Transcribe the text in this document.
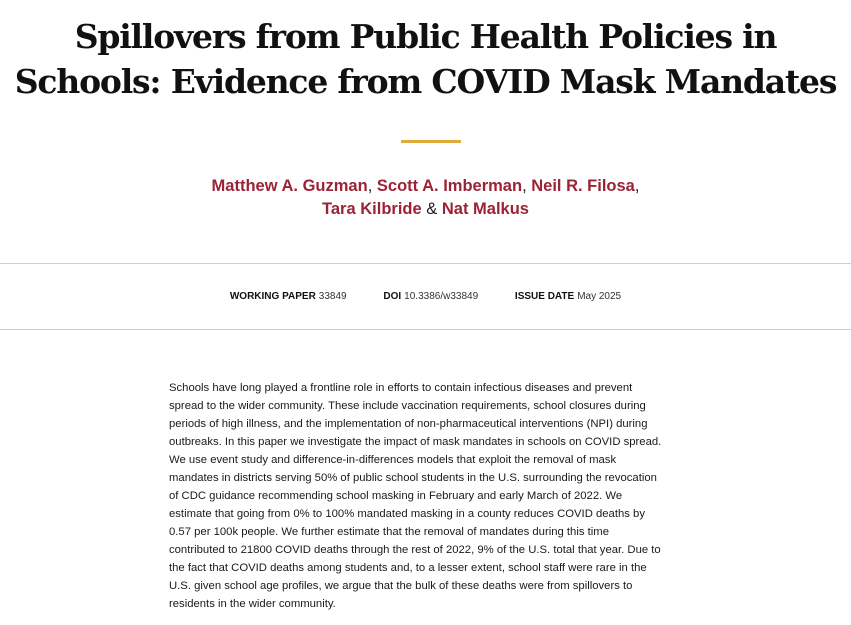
Spillovers from Public Health Policies in
Schools: Evidence from COVID Mask Mandates
Matthew A. Guzman, Scott A. Imberman, Neil R. Filosa,
Tara Kilbride & Nat Malkus
WORKING PAPER 33849	DOI 10.3386/w33849	ISSUE DATE May 2025

Schools have long played a frontline role in efforts to contain infectious diseases and prevent
spread to the wider community. These include vaccination requirements, school closures during
periods of high illness, and the implementation of non-pharmaceutical interventions (NPI) during
outbreaks. In this paper we investigate the impact of mask mandates in schools on COVID spread.
We use event study and difference-in-differences models that exploit the removal of mask
mandates in districts serving 50% of public school students in the U.S. surrounding the revocation
of CDC guidance recommending school masking in February and early March of 2022. We
estimate that going from 0% to 100% mandated masking in a county reduces COVID deaths by
0.57 per 100k people. We further estimate that the removal of mandates during this time
contributed to 21800 COVID deaths through the rest of 2022, 9% of the U.S. total that year. Due to
the fact that COVID deaths among students and, to a lesser extent, school staff were rare in the
U.S. given school age profiles, we argue that the bulk of these deaths were from spillovers to
residents in the wider community.
